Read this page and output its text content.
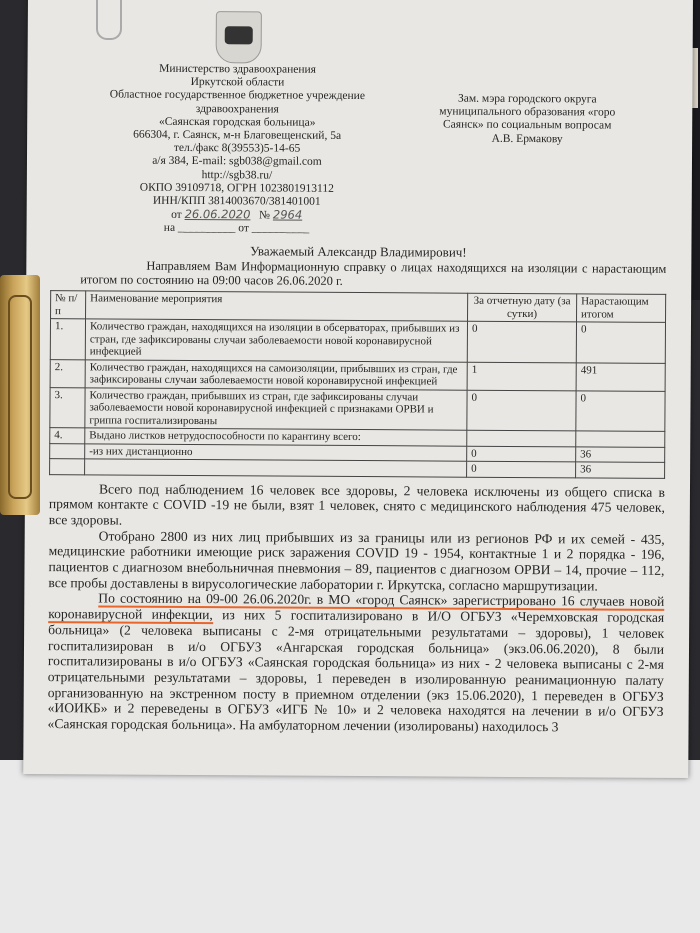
Министерство здравоохранения
Иркутской области
Областное государственное бюджетное учреждение
здравоохранения
«Саянская городская больница»
666304, г. Саянск, м-н Благовещенский, 5а
тел./факс 8(39553)5-14-65
а/я 384, E-mail: sgb038@gmail.com
http://sgb38.ru/
ОКПО 39109718, ОГРН 1023801913112
ИНН/КПП 3814003670/381401001
от 26.06.2020 № 2964
на __________ от __________
Зам. мэра городского округа
муниципального образования «горо
Саянск» по социальным вопросам
А.В. Ермакову
Уважаемый Александр Владимирович!
Направляем Вам Информационную справку о лицах находящихся на изоляции с нарастающим итогом по состоянию на 09:00 часов 26.06.2020 г.
№ п/п	Наименование мероприятия	За отчетную дату (за сутки)	Нарастающим итогом
1.	Количество граждан, находящихся на изоляции в обсерваторах, прибывших из стран, где зафиксированы случаи заболеваемости новой коронавирусной инфекцией	0	0
2.	Количество граждан, находящихся на самоизоляции, прибывших из стран, где зафиксированы случаи заболеваемости новой коронавирусной инфекцией	1	491
3.	Количество граждан, прибывших из стран, где зафиксированы случаи заболеваемости новой коронавирусной инфекцией с признаками ОРВИ и гриппа госпитализированы	0	0
4.	Выдано листков нетрудоспособности по карантину всего:		
	-из них дистанционно	0	36
		0	36

Всего под наблюдением 16 человек все здоровы, 2 человека исключены из общего списка в прямом контакте с COVID -19 не были, взят 1 человек, снято с медицинского наблюдения 475 человек, все здоровы.

Отобрано 2800 из них лиц прибывших из за границы или из регионов РФ и их семей - 435, медицинские работники имеющие риск заражения COVID 19 - 1954, контактные 1 и 2 порядка - 196, пациентов с диагнозом внебольничная пневмония – 89, пациентов с диагнозом ОРВИ – 14, прочие – 112, все пробы доставлены в вирусологические лаборатории г. Иркутска, согласно маршрутизации.

По состоянию на 09-00 26.06.2020г. в МО «город Саянск» зарегистрировано 16 случаев новой коронавирусной инфекции, из них 5 госпитализировано в И/О ОГБУЗ «Черемховская городская больница» (2 человека выписаны с 2-мя отрицательными результатами – здоровы), 1 человек госпитализирован в и/о ОГБУЗ «Ангарская городская больница» (экз.06.06.2020), 8 были госпитализированы в и/о ОГБУЗ «Саянская городская больница» из них - 2 человека выписаны с 2-мя отрицательными результатами – здоровы, 1 переведен в изолированную реанимационную палату организованную на экстренном посту в приемном отделении (экз 15.06.2020), 1 переведен в ОГБУЗ «ИОИКБ» и 2 переведены в ОГБУЗ «ИГБ № 10» и 2 человека находятся на лечении в и/о ОГБУЗ «Саянская городская больница». На амбулаторном лечении (изолированы) находилось 3
